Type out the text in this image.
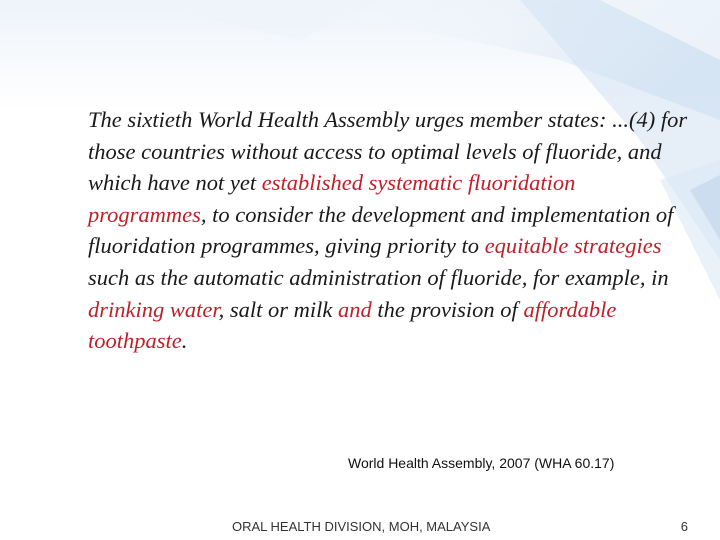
The sixtieth World Health Assembly urges member states: ...(4) for those countries without access to optimal levels of fluoride, and which have not yet established systematic fluoridation programmes, to consider the development and implementation of fluoridation programmes, giving priority to equitable strategies such as the automatic administration of fluoride, for example, in drinking water, salt or milk and the provision of affordable toothpaste.

World Health Assembly, 2007 (WHA 60.17)
ORAL HEALTH DIVISION, MOH, MALAYSIA	6
